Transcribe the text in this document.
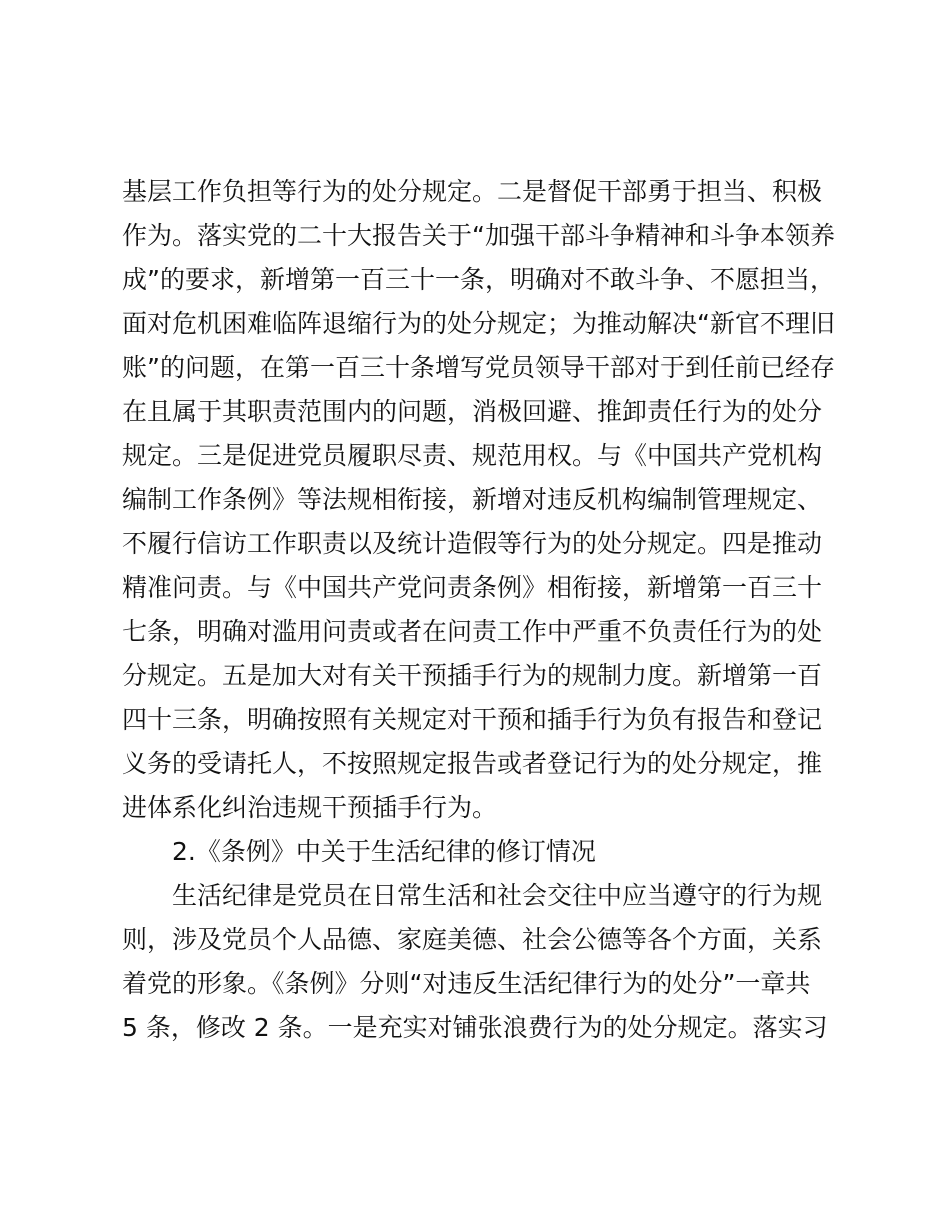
基层工作负担等行为的处分规定。二是督促干部勇于担当、积极
作为。落实党的二十大报告关于“加强干部斗争精神和斗争本领养
成”的要求，新增第一百三十一条，明确对不敢斗争、不愿担当，
面对危机困难临阵退缩行为的处分规定；为推动解决“新官不理旧
账”的问题，在第一百三十条增写党员领导干部对于到任前已经存
在且属于其职责范围内的问题，消极回避、推卸责任行为的处分
规定。三是促进党员履职尽责、规范用权。与《中国共产党机构
编制工作条例》等法规相衔接，新增对违反机构编制管理规定、
不履行信访工作职责以及统计造假等行为的处分规定。四是推动
精准问责。与《中国共产党问责条例》相衔接，新增第一百三十
七条，明确对滥用问责或者在问责工作中严重不负责任行为的处
分规定。五是加大对有关干预插手行为的规制力度。新增第一百
四十三条，明确按照有关规定对干预和插手行为负有报告和登记
义务的受请托人，不按照规定报告或者登记行为的处分规定，推
进体系化纠治违规干预插手行为。
2.《条例》中关于生活纪律的修订情况
生活纪律是党员在日常生活和社会交往中应当遵守的行为规
则，涉及党员个人品德、家庭美德、社会公德等各个方面，关系
着党的形象。《条例》分则“对违反生活纪律行为的处分”一章共
5 条，修改 2 条。一是充实对铺张浪费行为的处分规定。落实习
